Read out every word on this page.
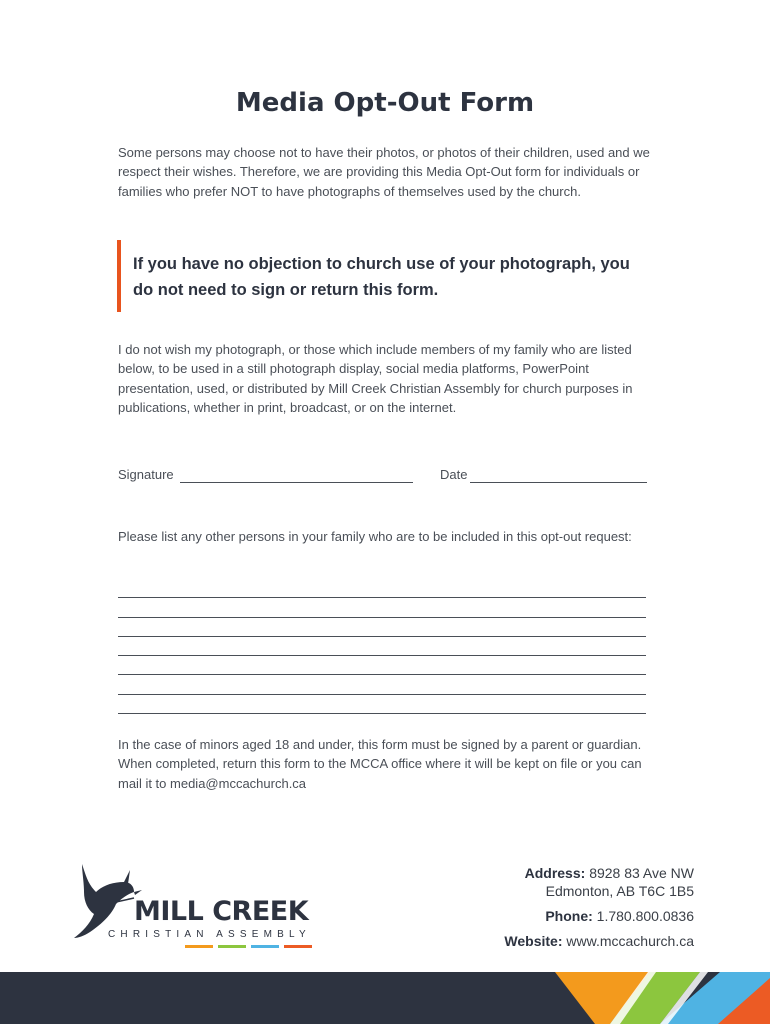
Media Opt-Out Form

Some persons may choose not to have their photos, or photos of their children, used and we respect their wishes. Therefore, we are providing this Media Opt-Out form for individuals or families who prefer NOT to have photographs of themselves used by the church.

If you have no objection to church use of your photograph, you do not need to sign or return this form.

I do not wish my photograph, or those which include members of my family who are listed below, to be used in a still photograph display, social media platforms, PowerPoint presentation, used, or distributed by Mill Creek Christian Assembly for church purposes in publications, whether in print, broadcast, or on the internet.

Signature	Date

Please list any other persons in your family who are to be included in this opt-out request:

In the case of minors aged 18 and under, this form must be signed by a parent or guardian. When completed, return this form to the MCCA office where it will be kept on file or you can mail it to media@mccachurch.ca

MILL CREEK
CHRISTIAN ASSEMBLY

Address: 8928 83 Ave NW

Edmonton, AB T6C 1B5

Phone: 1.780.800.0836

Website: www.mccachurch.ca
